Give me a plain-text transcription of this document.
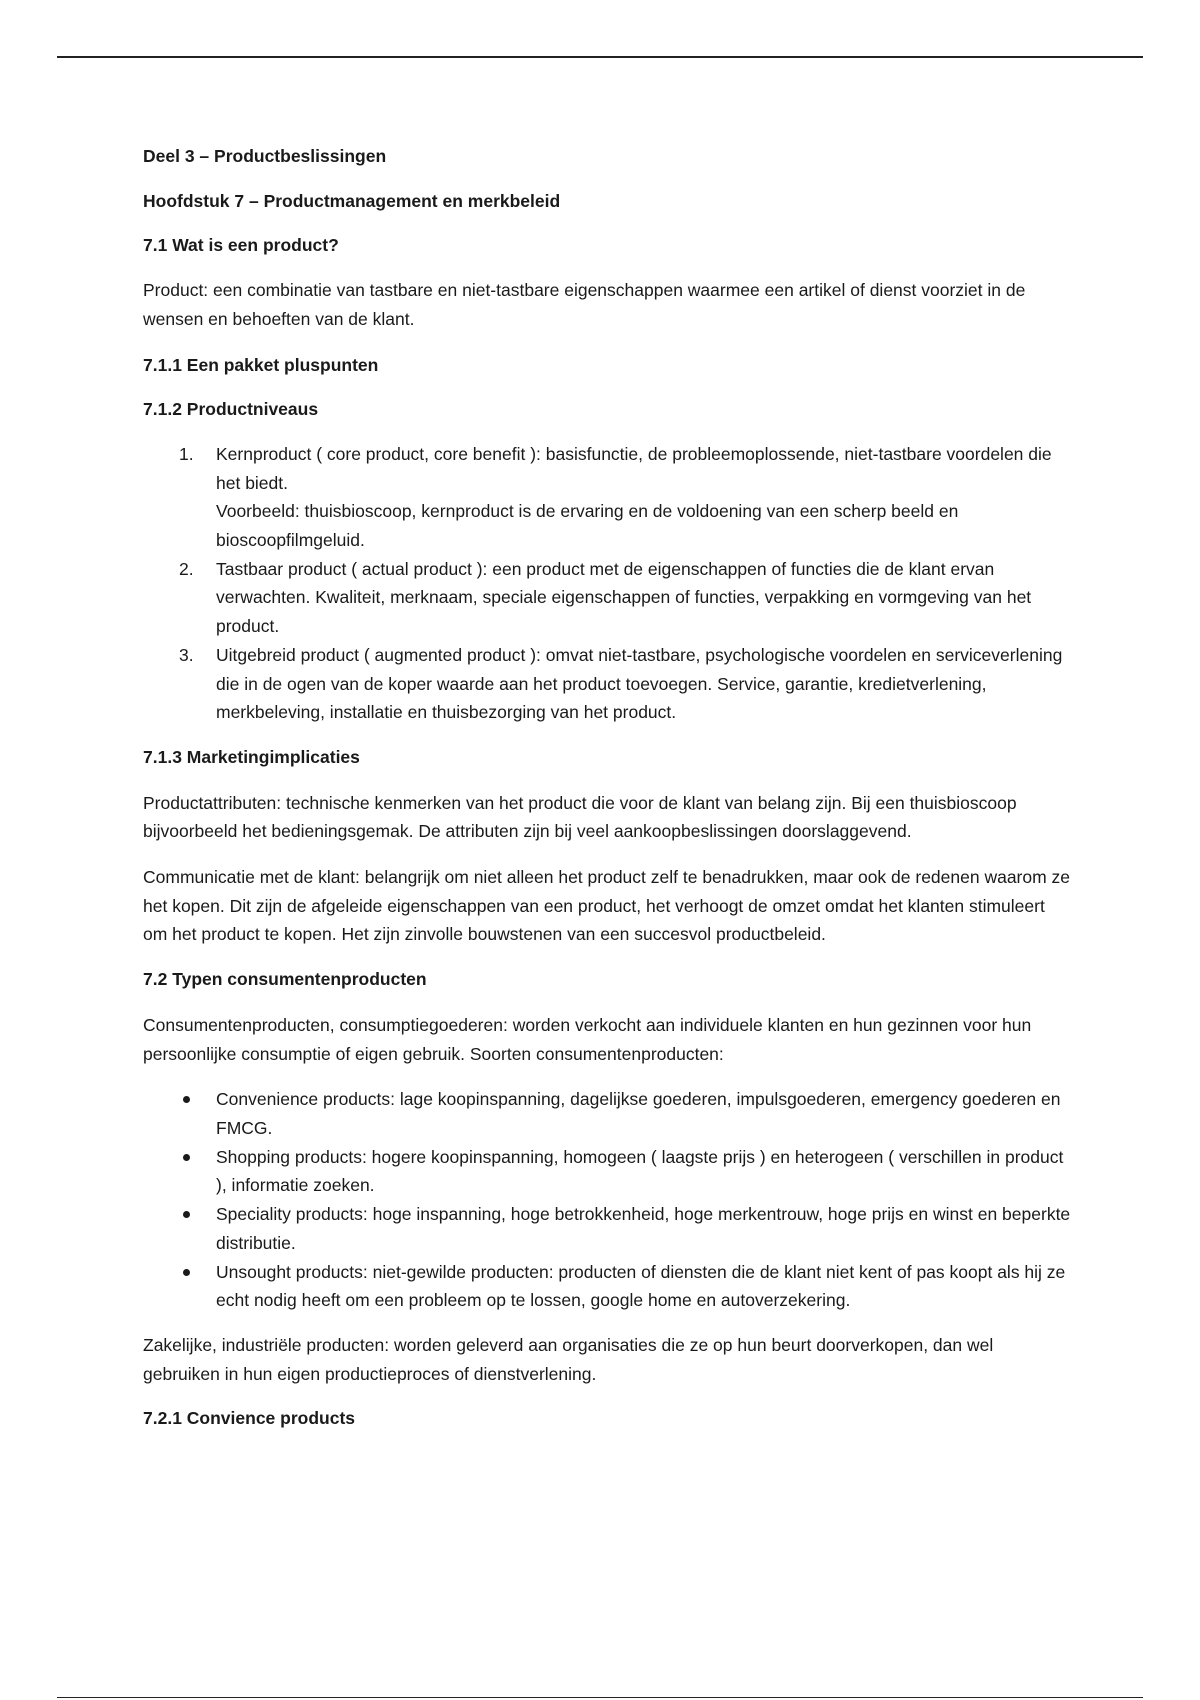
Deel 3 – Productbeslissingen

Hoofdstuk 7 – Productmanagement en merkbeleid

7.1 Wat is een product?

Product: een combinatie van tastbare en niet-tastbare eigenschappen waarmee een artikel of dienst voorziet in de wensen en behoeften van de klant.

7.1.1 Een pakket pluspunten

7.1.2 Productniveaus

1.	Kernproduct ( core product, core benefit ): basisfunctie, de probleemoplossende, niet-tastbare voordelen die het biedt.
Voorbeeld: thuisbioscoop, kernproduct is de ervaring en de voldoening van een scherp beeld en bioscoopfilmgeluid.
2.	Tastbaar product ( actual product ): een product met de eigenschappen of functies die de klant ervan verwachten. Kwaliteit, merknaam, speciale eigenschappen of functies, verpakking en vormgeving van het product.
3.	Uitgebreid product ( augmented product ): omvat niet-tastbare, psychologische voordelen en serviceverlening die in de ogen van de koper waarde aan het product toevoegen. Service, garantie, kredietverlening, merkbeleving, installatie en thuisbezorging van het product.

7.1.3 Marketingimplicaties

Productattributen: technische kenmerken van het product die voor de klant van belang zijn. Bij een thuisbioscoop bijvoorbeeld het bedieningsgemak. De attributen zijn bij veel aankoopbeslissingen doorslaggevend.

Communicatie met de klant: belangrijk om niet alleen het product zelf te benadrukken, maar ook de redenen waarom ze het kopen. Dit zijn de afgeleide eigenschappen van een product, het verhoogt de omzet omdat het klanten stimuleert om het product te kopen. Het zijn zinvolle bouwstenen van een succesvol productbeleid.

7.2 Typen consumentenproducten

Consumentenproducten, consumptiegoederen: worden verkocht aan individuele klanten en hun gezinnen voor hun persoonlijke consumptie of eigen gebruik. Soorten consumentenproducten:

Convenience products: lage koopinspanning, dagelijkse goederen, impulsgoederen, emergency goederen en FMCG.
Shopping products: hogere koopinspanning, homogeen ( laagste prijs ) en heterogeen ( verschillen in product ), informatie zoeken.
Speciality products: hoge inspanning, hoge betrokkenheid, hoge merkentrouw, hoge prijs en winst en beperkte distributie.
Unsought products: niet-gewilde producten: producten of diensten die de klant niet kent of pas koopt als hij ze echt nodig heeft om een probleem op te lossen, google home en autoverzekering.

Zakelijke, industriële producten: worden geleverd aan organisaties die ze op hun beurt doorverkopen, dan wel gebruiken in hun eigen productieproces of dienstverlening.

7.2.1 Convience products
